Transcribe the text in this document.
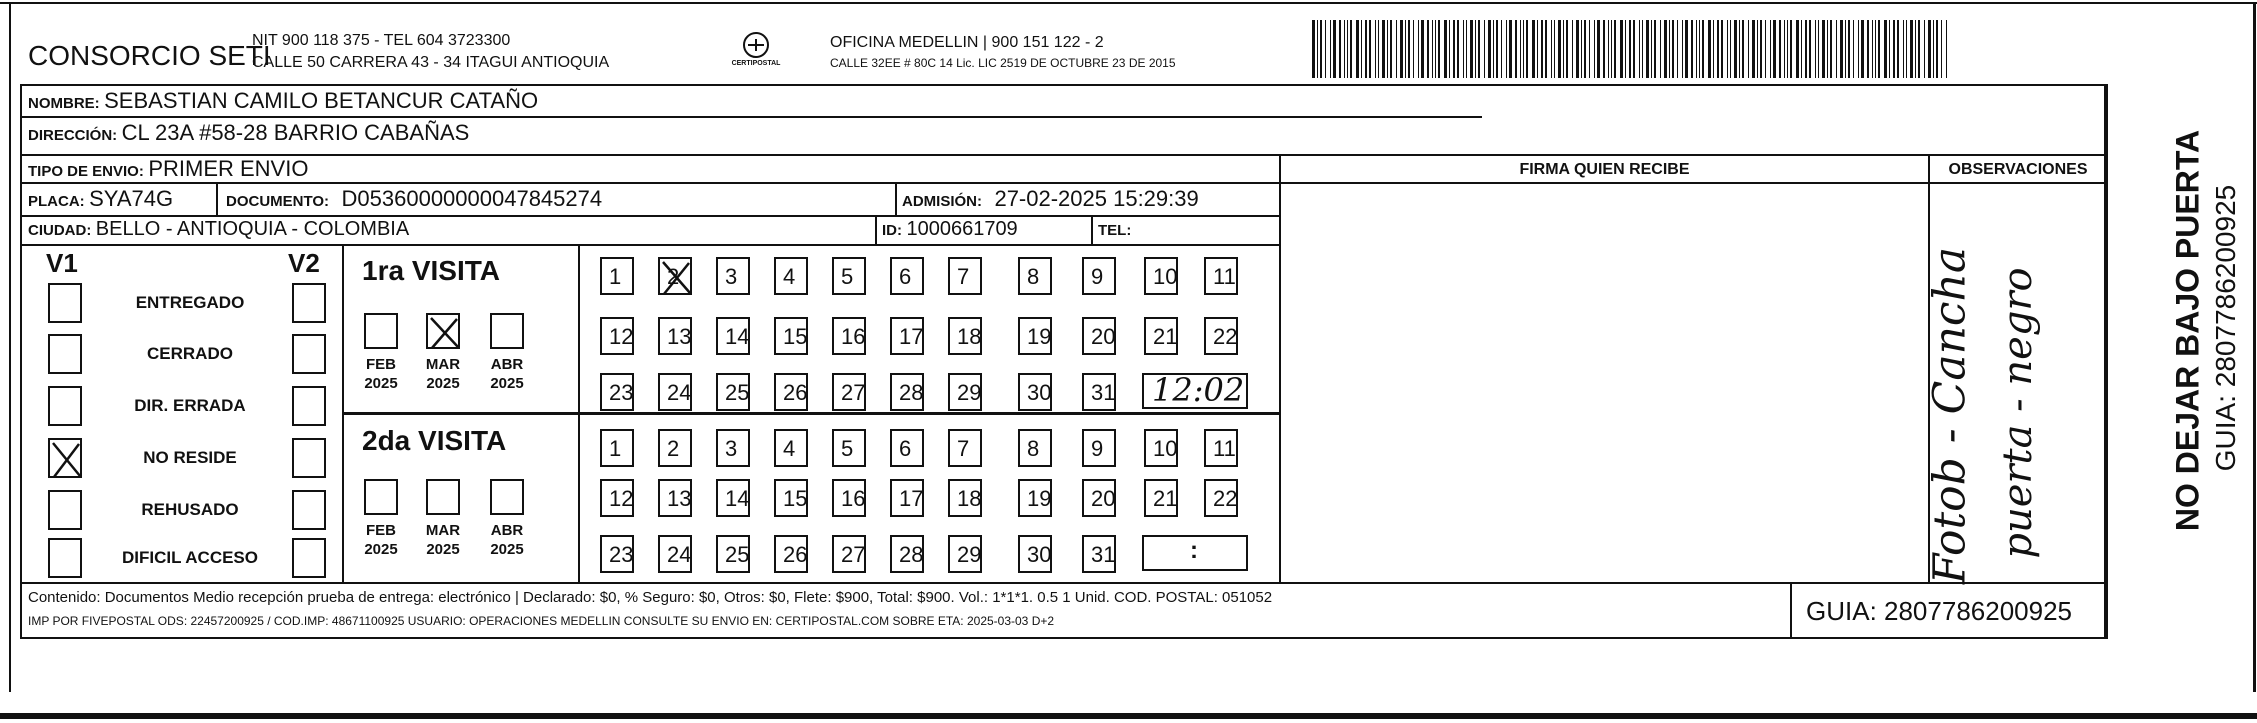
CONSORCIO SETI
NIT 900 118 375 - TEL 604 3723300
CALLE 50 CARRERA 43 - 34 ITAGUI ANTIOQUIA	CERTIPOSTAL
OFICINA MEDELLIN | 900 151 122 - 2
CALLE 32EE # 80C 14 Lic. LIC 2519 DE OCTUBRE 23 DE 2015
NOMBRE: SEBASTIAN CAMILO BETANCUR CATAÑO
DIRECCIÓN: CL 23A #58-28 BARRIO CABAÑAS
TIPO DE ENVIO: PRIMER ENVIO	FIRMA QUIEN RECIBE	OBSERVACIONES
PLACA: SYA74G	DOCUMENTO: D05360000000047845274	ADMISIÓN: 27-02-2025 15:29:39
CIUDAD: BELLO - ANTIOQUIA - COLOMBIA	ID: 1000661709	TEL:
V1	V2
ENTREGADO
CERRADO
DIR. ERRADA
NO RESIDE
REHUSADO
DIFICIL ACCESO
1ra VISITA
2da VISITA
FEB
2025
MAR
2025
ABR
2025
FEB
2025
MAR
2025
ABR
2025
1 2 3 4 5 6 7	8 9 10 11
12 13 14 15 16 17 18 19 20 21 22
23 24 25 26 27 28 29 30 31
1 2 3 4 5 6 7	8 9 10 11
12 13 14 15 16 17 18 19 20 21 22
23 24 25 26 27 28 29 30 31
12:02
:	Fotob - Cancha puerta - negro	NO DEJAR BAJO PUERTA GUIA: 2807786200925
Contenido: Documentos Medio recepción prueba de entrega: electrónico | Declarado: $0, % Seguro: $0, Otros: $0, Flete: $900, Total: $900. Vol.: 1*1*1. 0.5 1 Unid. COD. POSTAL: 051052
IMP POR FIVEPOSTAL ODS: 22457200925 / COD.IMP: 48671100925 USUARIO: OPERACIONES MEDELLIN CONSULTE SU ENVIO EN: CERTIPOSTAL.COM SOBRE ETA: 2025-03-03 D+2	GUIA: 2807786200925
